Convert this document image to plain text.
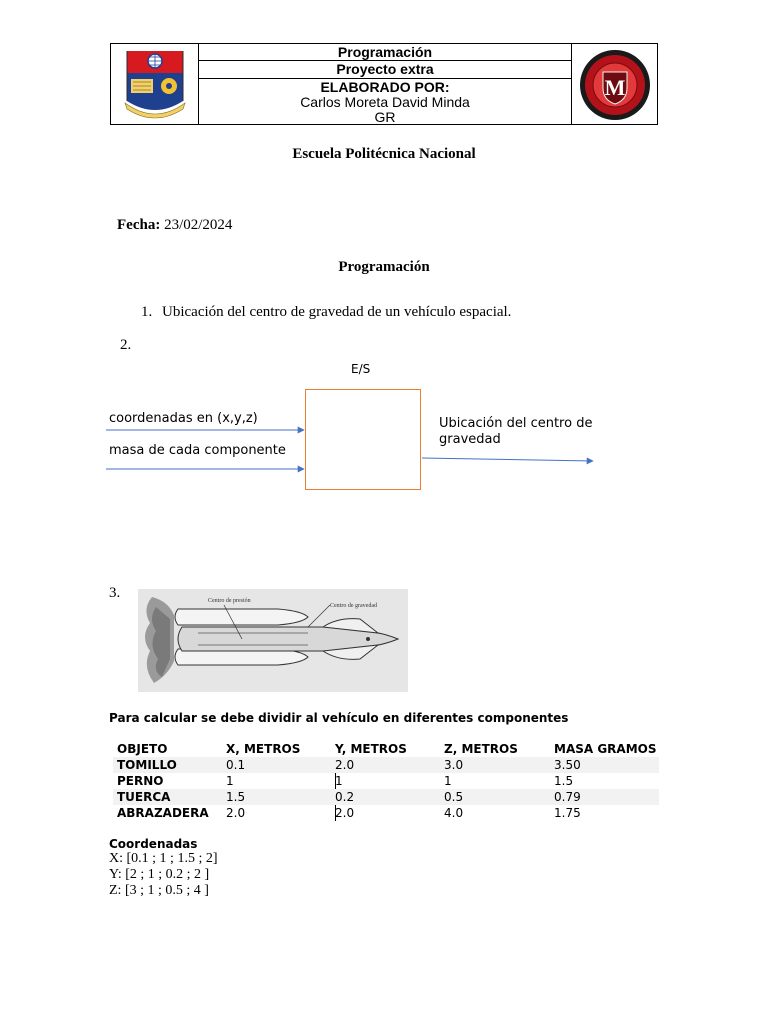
Programación
Proyecto extra
ELABORADO POR:
Carlos Moreta David Minda
GR
M
Escuela Politécnica Nacional
Fecha: 23/02/2024
Programación
1. Ubicación del centro de gravedad de un vehículo espacial.
2.
E/S
coordenadas en (x,y,z)
masa de cada componente
Ubicación del centro de gravedad
3.	Centro de presión
Centro de gravedad
Para calcular se debe dividir al vehículo en diferentes componentes
OBJETO	X, METROS	Y, METROS	Z, METROS	MASA GRAMOS
TOMILLO	0.1	2.0	3.0	3.50
PERNO	1	1	1	1.5
TUERCA	1.5	0.2	0.5	0.79
ABRAZADERA 2.0	2.0	4.0	1.75
Coordenadas
X: [0.1 ; 1 ; 1.5 ; 2]
Y: [2 ; 1 ; 0.2 ; 2 ]
Z: [3 ; 1 ; 0.5 ; 4 ]
